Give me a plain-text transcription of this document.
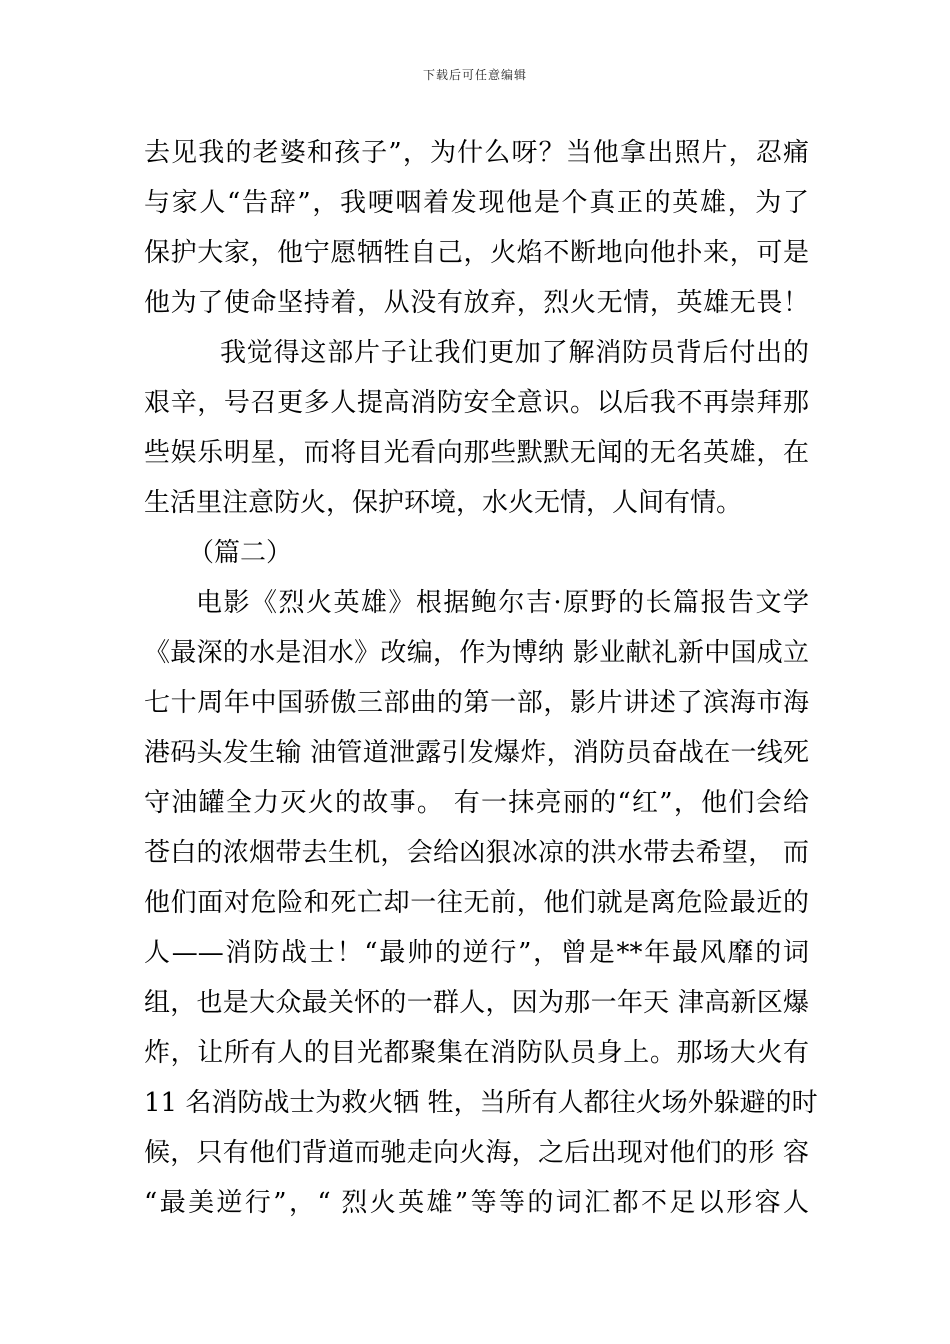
下载后可任意编辑
去见我的老婆和孩子”，为什么呀？当他拿出照片，忍痛
与家人“告辞”，我哽咽着发现他是个真正的英雄，为了
保护大家，他宁愿牺牲自己，火焰不断地向他扑来，可是
他为了使命坚持着，从没有放弃，烈火无情，英雄无畏！
我觉得这部片子让我们更加了解消防员背后付出的
艰辛，号召更多人提高消防安全意识。以后我不再崇拜那
些娱乐明星，而将目光看向那些默默无闻的无名英雄，在
生活里注意防火，保护环境，水火无情，人间有情。
（篇二）
电影《烈火英雄》根据鲍尔吉·原野的长篇报告文学
《最深的水是泪水》改编，作为博纳 影业献礼新中国成立
七十周年中国骄傲三部曲的第一部，影片讲述了滨海市海
港码头发生输 油管道泄露引发爆炸，消防员奋战在一线死
守油罐全力灭火的故事。 有一抹亮丽的“红”，他们会给
苍白的浓烟带去生机，会给凶狠冰凉的洪水带去希望， 而
他们面对危险和死亡却一往无前，他们就是离危险最近的
人——消防战士！“最帅的逆行”，曾是**年最风靡的词
组，也是大众最关怀的一群人，因为那一年天 津高新区爆
炸，让所有人的目光都聚集在消防队员身上。那场大火有
11 名消防战士为救火牺 牲，当所有人都往火场外躲避的时
候，只有他们背道而驰走向火海，之后出现对他们的形 容
“最美逆行”，“ 烈火英雄”等等的词汇都不足以形容人
